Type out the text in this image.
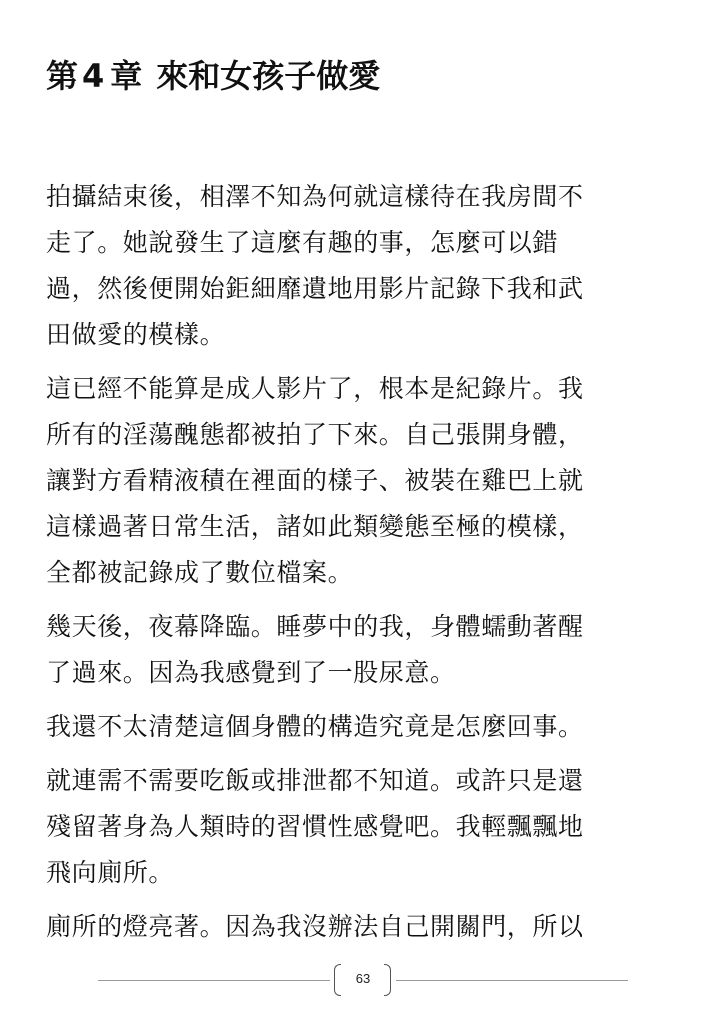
第 4 章 來和女孩子做愛

拍攝結束後，相澤不知為何就這樣待在我房間不
走了。她說發生了這麼有趣的事，怎麼可以錯
過，然後便開始鉅細靡遺地用影片記錄下我和武
田做愛的模樣。

這已經不能算是成人影片了，根本是紀錄片。我
所有的淫蕩醜態都被拍了下來。自己張開身體，
讓對方看精液積在裡面的樣子、被裝在雞巴上就
這樣過著日常生活，諸如此類變態至極的模樣，
全都被記錄成了數位檔案。

幾天後，夜幕降臨。睡夢中的我，身體蠕動著醒
了過來。因為我感覺到了一股尿意。

我還不太清楚這個身體的構造究竟是怎麼回事。

就連需不需要吃飯或排泄都不知道。或許只是還
殘留著身為人類時的習慣性感覺吧。我輕飄飄地
飛向廁所。

廁所的燈亮著。因為我沒辦法自己開關門，所以

63
